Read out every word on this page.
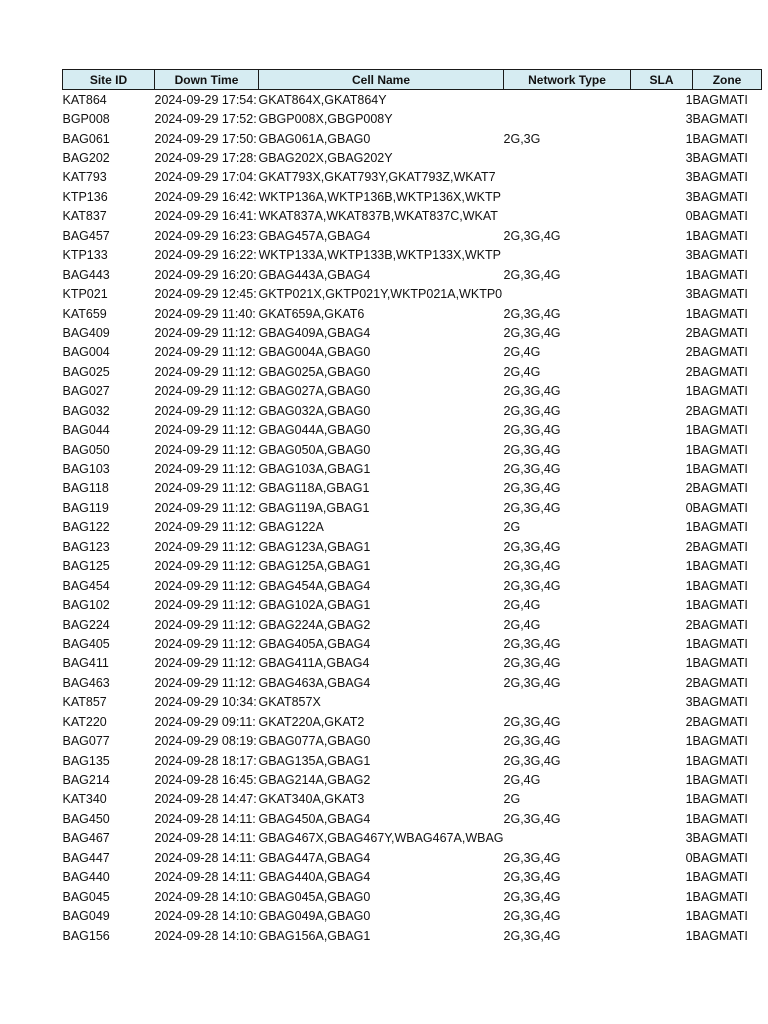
Site ID	Down Time	Cell Name	Network Type	SLA	Zone
KAT864	2024-09-29 17:54:	GKAT864X,GKAT864Y		1	BAGMATI
BGP008	2024-09-29 17:52:	GBGP008X,GBGP008Y		3	BAGMATI
BAG061	2024-09-29 17:50:	GBAG061A,GBAG0	2G,3G	1	BAGMATI
BAG202	2024-09-29 17:28:	GBAG202X,GBAG202Y		3	BAGMATI
KAT793	2024-09-29 17:04:	GKAT793X,GKAT793Y,GKAT793Z,WKAT7		3	BAGMATI
KTP136	2024-09-29 16:42:	WKTP136A,WKTP136B,WKTP136X,WKTP		3	BAGMATI
KAT837	2024-09-29 16:41:	WKAT837A,WKAT837B,WKAT837C,WKAT		0	BAGMATI
BAG457	2024-09-29 16:23:	GBAG457A,GBAG4	2G,3G,4G	1	BAGMATI
KTP133	2024-09-29 16:22:	WKTP133A,WKTP133B,WKTP133X,WKTP		3	BAGMATI
BAG443	2024-09-29 16:20:	GBAG443A,GBAG4	2G,3G,4G	1	BAGMATI
KTP021	2024-09-29 12:45:	GKTP021X,GKTP021Y,WKTP021A,WKTP0		3	BAGMATI
KAT659	2024-09-29 11:40:	GKAT659A,GKAT6	2G,3G,4G	1	BAGMATI
BAG409	2024-09-29 11:12:	GBAG409A,GBAG4	2G,3G,4G	2	BAGMATI
BAG004	2024-09-29 11:12:	GBAG004A,GBAG0	2G,4G	2	BAGMATI
BAG025	2024-09-29 11:12:	GBAG025A,GBAG0	2G,4G	2	BAGMATI
BAG027	2024-09-29 11:12:	GBAG027A,GBAG0	2G,3G,4G	1	BAGMATI
BAG032	2024-09-29 11:12:	GBAG032A,GBAG0	2G,3G,4G	2	BAGMATI
BAG044	2024-09-29 11:12:	GBAG044A,GBAG0	2G,3G,4G	1	BAGMATI
BAG050	2024-09-29 11:12:	GBAG050A,GBAG0	2G,3G,4G	1	BAGMATI
BAG103	2024-09-29 11:12:	GBAG103A,GBAG1	2G,3G,4G	1	BAGMATI
BAG118	2024-09-29 11:12:	GBAG118A,GBAG1	2G,3G,4G	2	BAGMATI
BAG119	2024-09-29 11:12:	GBAG119A,GBAG1	2G,3G,4G	0	BAGMATI
BAG122	2024-09-29 11:12:	GBAG122A	2G	1	BAGMATI
BAG123	2024-09-29 11:12:	GBAG123A,GBAG1	2G,3G,4G	2	BAGMATI
BAG125	2024-09-29 11:12:	GBAG125A,GBAG1	2G,3G,4G	1	BAGMATI
BAG454	2024-09-29 11:12:	GBAG454A,GBAG4	2G,3G,4G	1	BAGMATI
BAG102	2024-09-29 11:12:	GBAG102A,GBAG1	2G,4G	1	BAGMATI
BAG224	2024-09-29 11:12:	GBAG224A,GBAG2	2G,4G	2	BAGMATI
BAG405	2024-09-29 11:12:	GBAG405A,GBAG4	2G,3G,4G	1	BAGMATI
BAG411	2024-09-29 11:12:	GBAG411A,GBAG4	2G,3G,4G	1	BAGMATI
BAG463	2024-09-29 11:12:	GBAG463A,GBAG4	2G,3G,4G	2	BAGMATI
KAT857	2024-09-29 10:34:	GKAT857X		3	BAGMATI
KAT220	2024-09-29 09:11:	GKAT220A,GKAT2	2G,3G,4G	2	BAGMATI
BAG077	2024-09-29 08:19:	GBAG077A,GBAG0	2G,3G,4G	1	BAGMATI
BAG135	2024-09-28 18:17:	GBAG135A,GBAG1	2G,3G,4G	1	BAGMATI
BAG214	2024-09-28 16:45:	GBAG214A,GBAG2	2G,4G	1	BAGMATI
KAT340	2024-09-28 14:47:	GKAT340A,GKAT3	2G	1	BAGMATI
BAG450	2024-09-28 14:11:	GBAG450A,GBAG4	2G,3G,4G	1	BAGMATI
BAG467	2024-09-28 14:11:	GBAG467X,GBAG467Y,WBAG467A,WBAG		3	BAGMATI
BAG447	2024-09-28 14:11:	GBAG447A,GBAG4	2G,3G,4G	0	BAGMATI
BAG440	2024-09-28 14:11:	GBAG440A,GBAG4	2G,3G,4G	1	BAGMATI
BAG045	2024-09-28 14:10:	GBAG045A,GBAG0	2G,3G,4G	1	BAGMATI
BAG049	2024-09-28 14:10:	GBAG049A,GBAG0	2G,3G,4G	1	BAGMATI
BAG156	2024-09-28 14:10:	GBAG156A,GBAG1	2G,3G,4G	1	BAGMATI
